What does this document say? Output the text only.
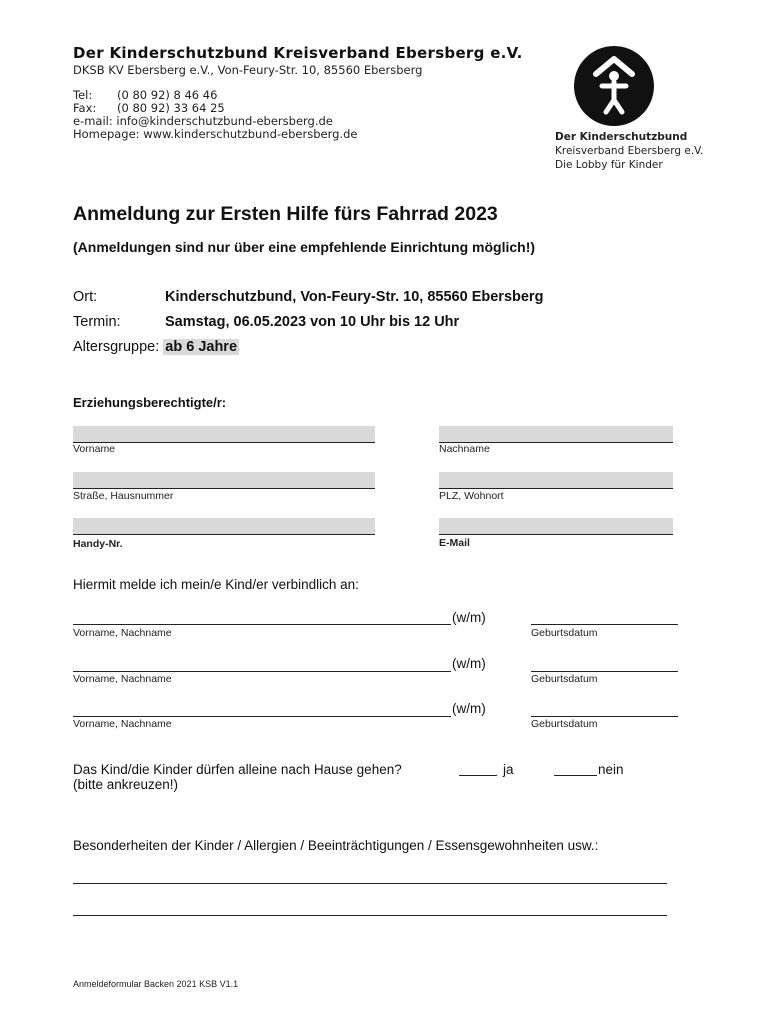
Der Kinderschutzbund Kreisverband Ebersberg e.V.
DKSB KV Ebersberg e.V., Von-Feury-Str. 10, 85560 Ebersberg
Tel: (0 80 92) 8 46 46
Fax: (0 80 92) 33 64 25
e-mail: info@kinderschutzbund-ebersberg.de
Homepage: www.kinderschutzbund-ebersberg.de	Der Kinderschutzbund
Kreisverband Ebersberg e.V.
Die Lobby für Kinder
Anmeldung zur Ersten Hilfe fürs Fahrrad 2023
(Anmeldungen sind nur über eine empfehlende Einrichtung möglich!)
Ort:	Kinderschutzbund, Von-Feury-Str. 10, 85560 Ebersberg
Termin:	Samstag, 06.05.2023 von 10 Uhr bis 12 Uhr
Altersgruppe: ab 6 Jahre
Erziehungsberechtigte/r:
Vorname	Nachname
Straße, Hausnummer	PLZ, Wohnort
Handy-Nr.	E-Mail
Hiermit melde ich mein/e Kind/er verbindlich an:
(w/m)
Vorname, Nachname	Geburtsdatum
(w/m)
Vorname, Nachname	Geburtsdatum
(w/m)
Vorname, Nachname	Geburtsdatum
Das Kind/die Kinder dürfen alleine nach Hause gehen?
(bitte ankreuzen!)
ja	nein
Besonderheiten der Kinder / Allergien / Beeinträchtigungen / Essensgewohnheiten usw.:
Anmeldeformular Backen 2021 KSB V1.1
